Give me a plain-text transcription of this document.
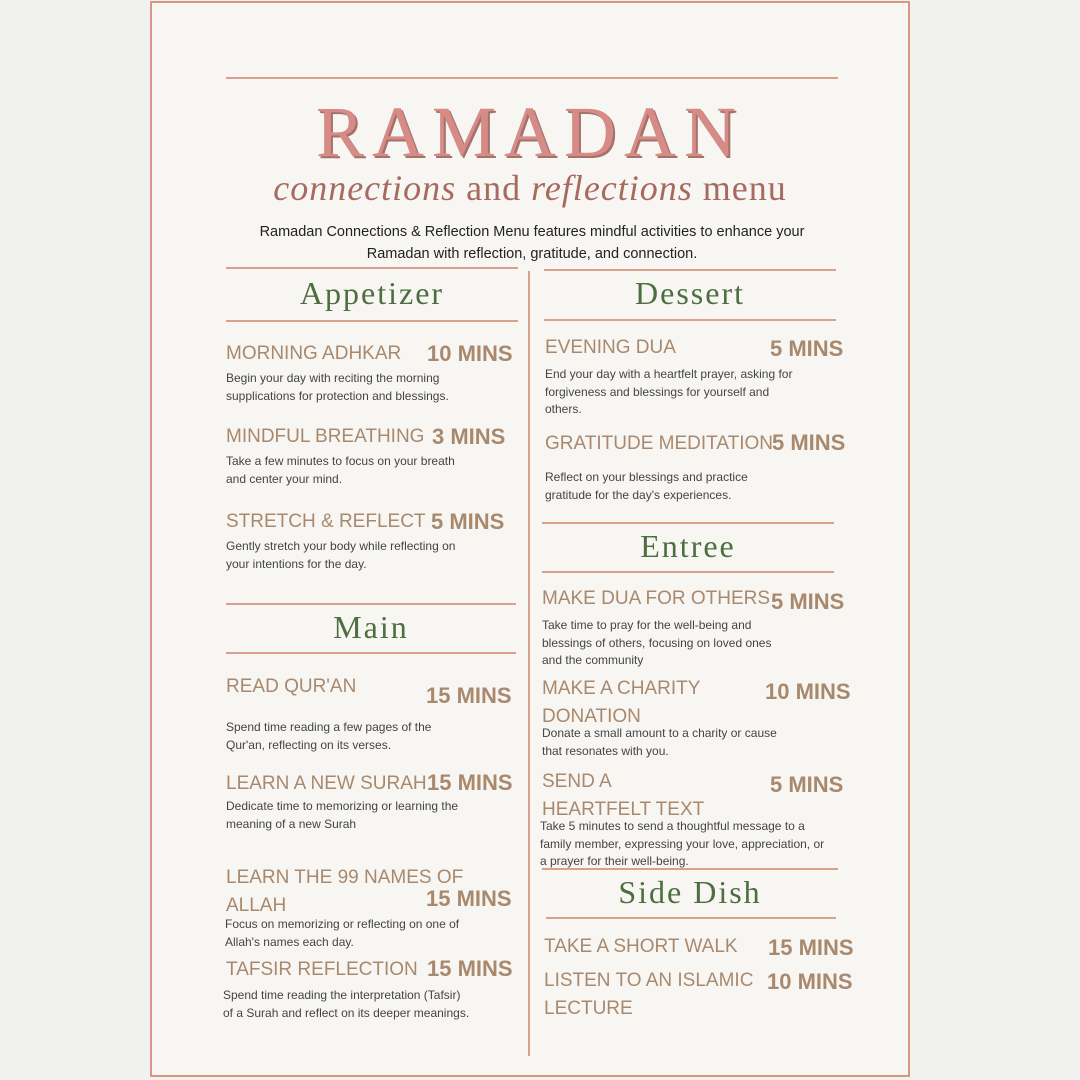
RAMADAN
connections and reflections menu
Ramadan Connections & Reflection Menu features mindful activities to enhance your
Ramadan with reflection, gratitude, and connection.
Appetizer
MORNING ADHKAR 10 MINS
Begin your day with reciting the morning
supplications for protection and blessings.
MINDFUL BREATHING 3 MINS
Take a few minutes to focus on your breath
and center your mind.
STRETCH & REFLECT 5 MINS
Gently stretch your body while reflecting on
your intentions for the day.
Main
READ QUR'AN	15 MINS
Spend time reading a few pages of the
Qur'an, reflecting on its verses.
LEARN A NEW SURAH 15 MINS
Dedicate time to memorizing or learning the
meaning of a new Surah
LEARN THE 99 NAMES OF
ALLAH	15 MINS
Focus on memorizing or reflecting on one of
Allah's names each day.
TAFSIR REFLECTION 15 MINS
Spend time reading the interpretation (Tafsir)
of a Surah and reflect on its deeper meanings.
Dessert
EVENING DUA	5 MINS
End your day with a heartfelt prayer, asking for
forgiveness and blessings for yourself and
others.
GRATITUDE MEDITATION 5 MINS
Reflect on your blessings and practice
gratitude for the day's experiences.
Entree
MAKE DUA FOR OTHERS 5 MINS
Take time to pray for the well-being and
blessings of others, focusing on loved ones
and the community
MAKE A CHARITY
DONATION
10 MINS
Donate a small amount to a charity or cause
that resonates with you.
SEND A
HEARTFELT TEXT
5 MINS
Take 5 minutes to send a thoughtful message to a
family member, expressing your love, appreciation, or
a prayer for their well-being.
Side Dish
TAKE A SHORT WALK 15 MINS
LISTEN TO AN ISLAMIC
LECTURE
10 MINS
